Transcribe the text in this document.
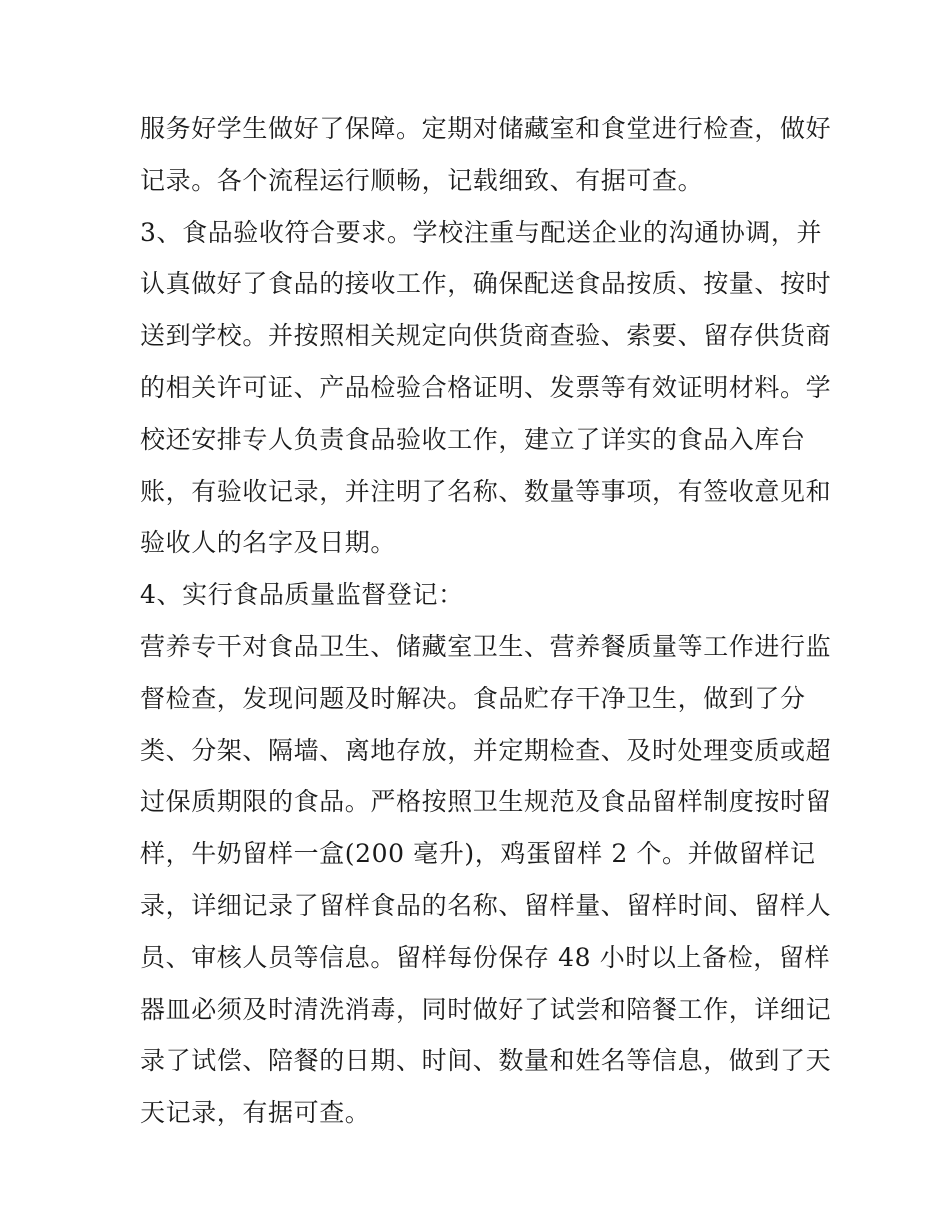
服务好学生做好了保障。定期对储藏室和食堂进行检查，做好
记录。各个流程运行顺畅，记载细致、有据可查。
3、食品验收符合要求。学校注重与配送企业的沟通协调，并
认真做好了食品的接收工作，确保配送食品按质、按量、按时
送到学校。并按照相关规定向供货商查验、索要、留存供货商
的相关许可证、产品检验合格证明、发票等有效证明材料。学
校还安排专人负责食品验收工作，建立了详实的食品入库台
账，有验收记录，并注明了名称、数量等事项，有签收意见和
验收人的名字及日期。
4、实行食品质量监督登记：
营养专干对食品卫生、储藏室卫生、营养餐质量等工作进行监
督检查，发现问题及时解决。食品贮存干净卫生，做到了分
类、分架、隔墙、离地存放，并定期检查、及时处理变质或超
过保质期限的食品。严格按照卫生规范及食品留样制度按时留
样，牛奶留样一盒(200 毫升)，鸡蛋留样 2 个。并做留样记
录，详细记录了留样食品的名称、留样量、留样时间、留样人
员、审核人员等信息。留样每份保存 48 小时以上备检，留样
器皿必须及时清洗消毒，同时做好了试尝和陪餐工作，详细记
录了试偿、陪餐的日期、时间、数量和姓名等信息，做到了天
天记录，有据可查。
